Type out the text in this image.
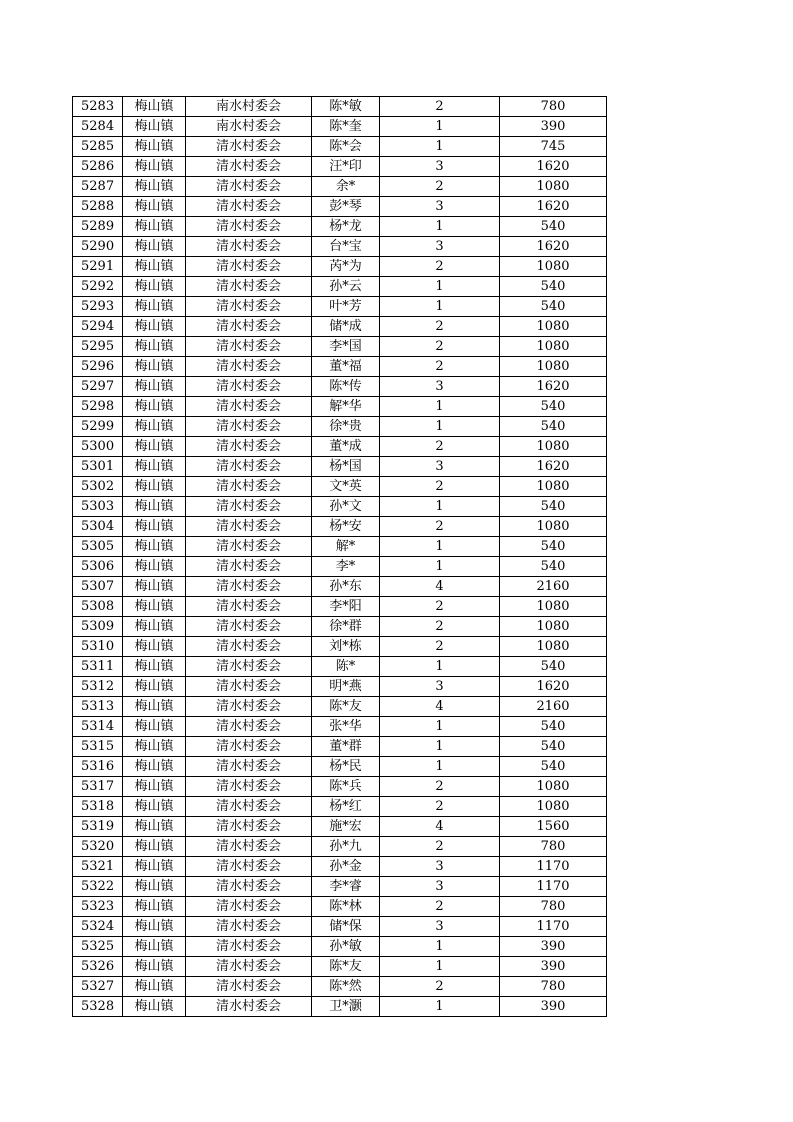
5283	梅山镇	南水村委会	陈*敏	2	780
5284	梅山镇	南水村委会	陈*奎	1	390
5285	梅山镇	清水村委会	陈*会	1	745
5286	梅山镇	清水村委会	汪*印	3	1620
5287	梅山镇	清水村委会	余*	2	1080
5288	梅山镇	清水村委会	彭*琴	3	1620
5289	梅山镇	清水村委会	杨*龙	1	540
5290	梅山镇	清水村委会	台*宝	3	1620
5291	梅山镇	清水村委会	芮*为	2	1080
5292	梅山镇	清水村委会	孙*云	1	540
5293	梅山镇	清水村委会	叶*芳	1	540
5294	梅山镇	清水村委会	储*成	2	1080
5295	梅山镇	清水村委会	李*国	2	1080
5296	梅山镇	清水村委会	董*福	2	1080
5297	梅山镇	清水村委会	陈*传	3	1620
5298	梅山镇	清水村委会	解*华	1	540
5299	梅山镇	清水村委会	徐*贵	1	540
5300	梅山镇	清水村委会	董*成	2	1080
5301	梅山镇	清水村委会	杨*国	3	1620
5302	梅山镇	清水村委会	文*英	2	1080
5303	梅山镇	清水村委会	孙*文	1	540
5304	梅山镇	清水村委会	杨*安	2	1080
5305	梅山镇	清水村委会	解*	1	540
5306	梅山镇	清水村委会	李*	1	540
5307	梅山镇	清水村委会	孙*东	4	2160
5308	梅山镇	清水村委会	李*阳	2	1080
5309	梅山镇	清水村委会	徐*群	2	1080
5310	梅山镇	清水村委会	刘*栋	2	1080
5311	梅山镇	清水村委会	陈*	1	540
5312	梅山镇	清水村委会	明*燕	3	1620
5313	梅山镇	清水村委会	陈*友	4	2160
5314	梅山镇	清水村委会	张*华	1	540
5315	梅山镇	清水村委会	董*群	1	540
5316	梅山镇	清水村委会	杨*民	1	540
5317	梅山镇	清水村委会	陈*兵	2	1080
5318	梅山镇	清水村委会	杨*红	2	1080
5319	梅山镇	清水村委会	施*宏	4	1560
5320	梅山镇	清水村委会	孙*九	2	780
5321	梅山镇	清水村委会	孙*金	3	1170
5322	梅山镇	清水村委会	李*睿	3	1170
5323	梅山镇	清水村委会	陈*林	2	780
5324	梅山镇	清水村委会	储*保	3	1170
5325	梅山镇	清水村委会	孙*敏	1	390
5326	梅山镇	清水村委会	陈*友	1	390
5327	梅山镇	清水村委会	陈*然	2	780
5328	梅山镇	清水村委会	卫*灏	1	390
